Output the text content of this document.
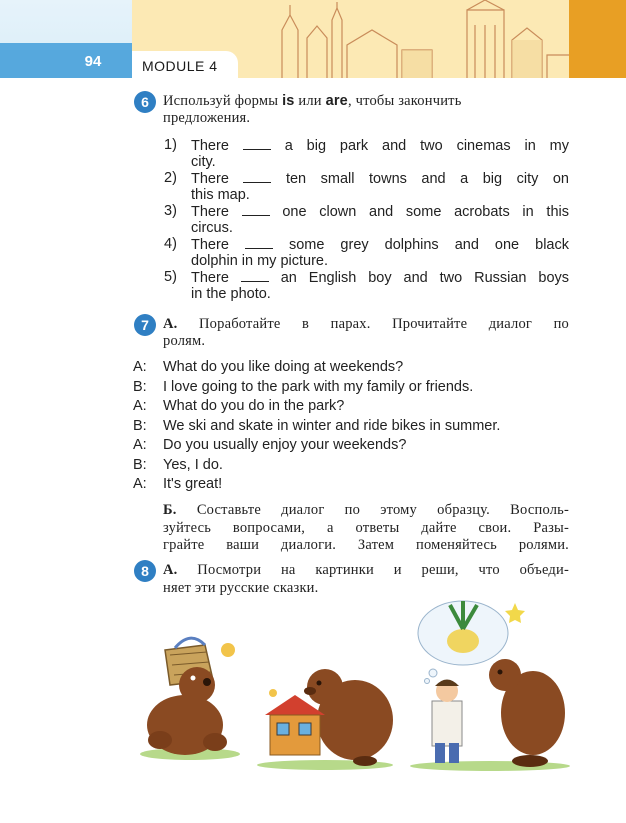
94	MODULE 4
6 Используй формы is или are, чтобы закончить
предложения.
1) There	a big park and two cinemas in my
city.
2) There	ten small towns and a big city on
this map.
3) There	one clown and some acrobats in this
circus.
4) There	some grey dolphins and one black
dolphin in my picture.
5) There	an English boy and two Russian boys
in the photo.
7 А. Поработайте в парах. Прочитайте диалог по
ролям.
A: What do you like doing at weekends?
B: I love going to the park with my family or friends.
A: What do you do in the park?
B: We ski and skate in winter and ride bikes in summer.
A: Do you usually enjoy your weekends?
B: Yes, I do.
A: It's great!
Б. Составьте диалог по этому образцу. Восполь-
зуйтесь вопросами, а ответы дайте свои. Разы-
грайте ваши диалоги. Затем поменяйтесь ролями.
8 А. Посмотри на картинки и реши, что объеди-
няет эти русские сказки.
